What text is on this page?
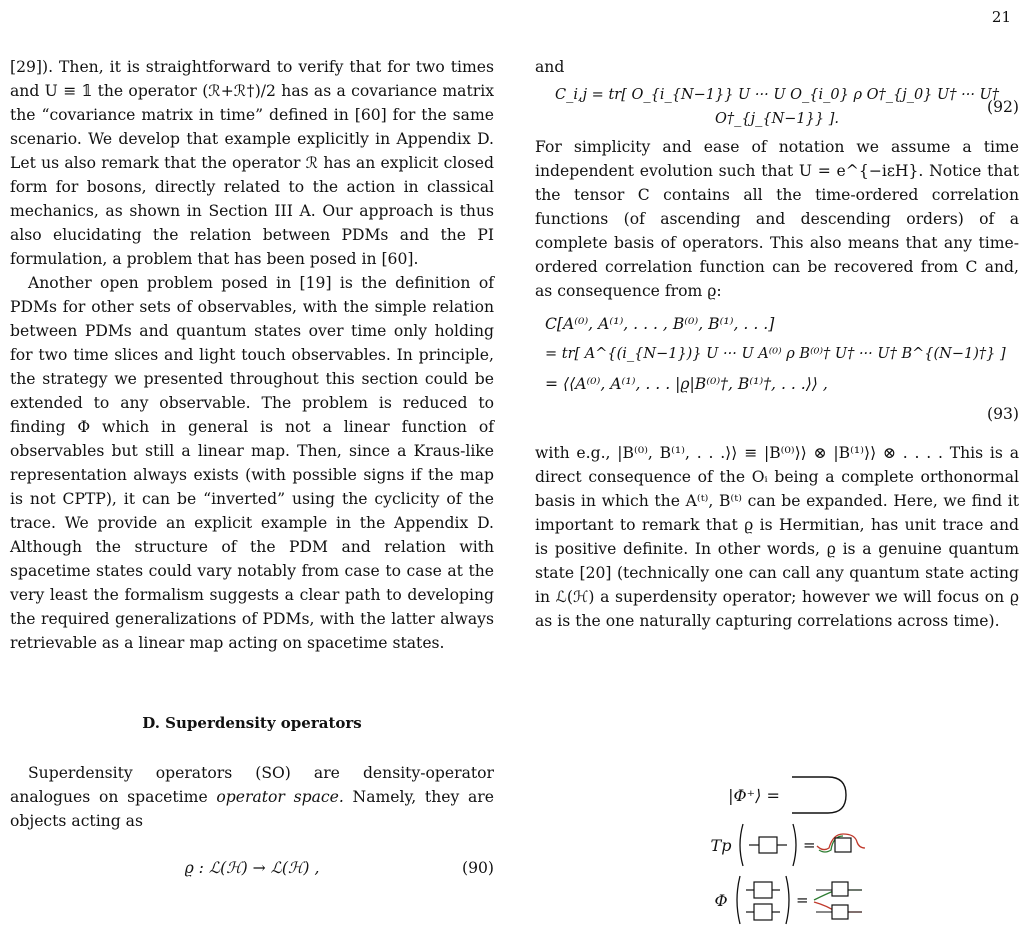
21

[29]). Then, it is straightforward to verify that for two times and U ≡ 𝟙 the operator (ℛ+ℛ†)/2 has as a covariance matrix the “covariance matrix in time” defined in [60] for the same scenario. We develop that example explicitly in Appendix D. Let us also remark that the operator ℛ has an explicit closed form for bosons, directly related to the action in classical mechanics, as shown in Section III A. Our approach is thus also elucidating the relation between PDMs and the PI formulation, a problem that has been posed in [60].

Another open problem posed in [19] is the definition of PDMs for other sets of observables, with the simple relation between PDMs and quantum states over time only holding for two time slices and light touch observables. In principle, the strategy we presented throughout this section could be extended to any observable. The problem is reduced to finding Φ which in general is not a linear function of observables but still a linear map. Then, since a Kraus-like representation always exists (with possible signs if the map is not CPTP), it can be “inverted” using the cyclicity of the trace. We provide an explicit example in the Appendix D. Although the structure of the PDM and relation with spacetime states could vary notably from case to case at the very least the formalism suggests a clear path to developing the required generalizations of PDMs, with the latter always retrievable as a linear map acting on spacetime states.

D. Superdensity operators

Superdensity operators (SO) are density-operator analogues on spacetime operator space. Namely, they are objects acting as

ϱ : ℒ(ℋ) → ℒ(ℋ) ,	(90)

and

C_i,j = tr[ O_{i_{N−1}} U ··· U O_{i_0} ρ O†_{j_0} U† ··· U† O†_{j_{N−1}} ].
(92)

For simplicity and ease of notation we assume a time independent evolution such that U = e^{−iεH}. Notice that the tensor C contains all the time-ordered correlation functions (of ascending and descending orders) of a complete basis of operators. This also means that any time-ordered correlation function can be recovered from C and, as consequence from ϱ:

C[A⁽⁰⁾, A⁽¹⁾, . . . , B⁽⁰⁾, B⁽¹⁾, . . .]
= tr[ A^{(i_{N−1})} U ··· U A⁽⁰⁾ ρ B⁽⁰⁾† U† ··· U† B^{(N−1)†} ]
= ⟨⟨A⁽⁰⁾, A⁽¹⁾, . . . |ϱ|B⁽⁰⁾†, B⁽¹⁾†, . . .⟩⟩ ,
(93)

with e.g., |B⁽⁰⁾, B⁽¹⁾, . . .⟩⟩ ≡ |B⁽⁰⁾⟩⟩ ⊗ |B⁽¹⁾⟩⟩ ⊗ . . . . This is a direct consequence of the Oᵢ being a complete orthonormal basis in which the A⁽ᵗ⁾, B⁽ᵗ⁾ can be expanded. Here, we find it important to remark that ϱ is Hermitian, has unit trace and is positive definite. In other words, ϱ is a genuine quantum state [20] (technically one can call any quantum state acting in ℒ(ℋ) a superdensity operator; however we will focus on ϱ as is the one naturally capturing correlations across time).

|Φ⁺⟩ =
Tp	=
Φ	=
